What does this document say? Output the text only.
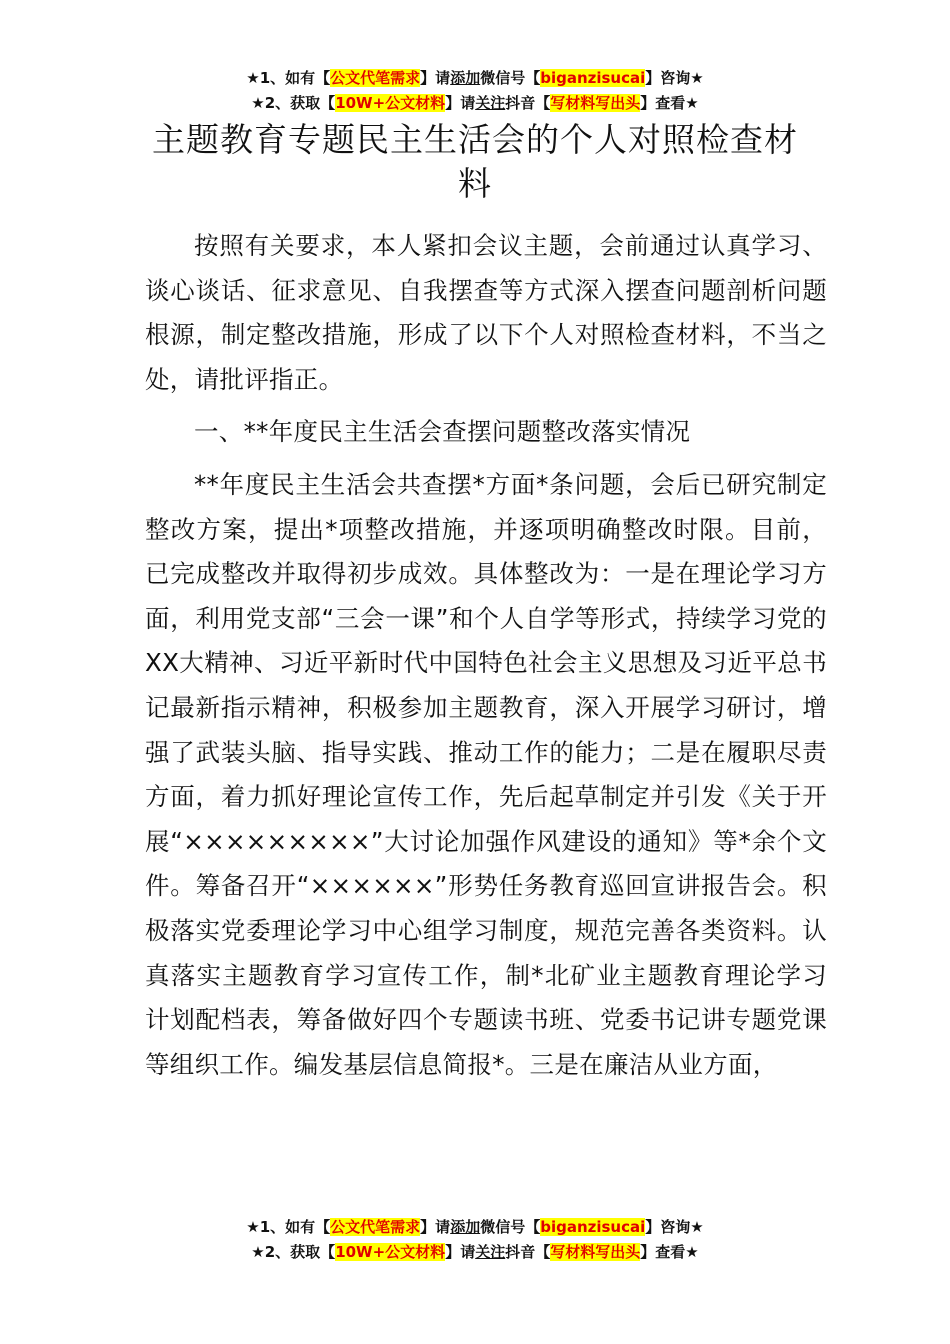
★1、如有【公文代笔需求】请添加微信号【biganzisucai】咨询★
★2、获取【10W+公文材料】请关注抖音【写材料写出头】查看★
主题教育专题民主生活会的个人对照检查材料

按照有关要求，本人紧扣会议主题，会前通过认真学习、谈心谈话、征求意见、自我摆查等方式深入摆查问题剖析问题根源，制定整改措施，形成了以下个人对照检查材料，不当之处，请批评指正。

一、**年度民主生活会查摆问题整改落实情况

**年度民主生活会共查摆*方面*条问题，会后已研究制定整改方案，提出*项整改措施，并逐项明确整改时限。目前，已完成整改并取得初步成效。具体整改为：一是在理论学习方面，利用党支部“三会一课”和个人自学等形式，持续学习党的XX大精神、习近平新时代中国特色社会主义思想及习近平总书记最新指示精神，积极参加主题教育，深入开展学习研讨，增强了武装头脑、指导实践、推动工作的能力；二是在履职尽责方面，着力抓好理论宣传工作，先后起草制定并引发《关于开展“×××××××××”大讨论加强作风建设的通知》等*余个文件。筹备召开“××××××”形势任务教育巡回宣讲报告会。积极落实党委理论学习中心组学习制度，规范完善各类资料。认真落实主题教育学习宣传工作，制*北矿业主题教育理论学习计划配档表，筹备做好四个专题读书班、党委书记讲专题党课等组织工作。编发基层信息简报*。三是在廉洁从业方面，

★1、如有【公文代笔需求】请添加微信号【biganzisucai】咨询★
★2、获取【10W+公文材料】请关注抖音【写材料写出头】查看★
